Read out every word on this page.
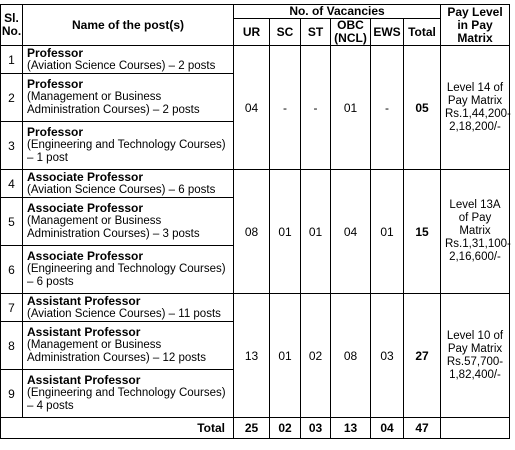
Sl. No.	Name of the post(s)	No. of Vacancies						Pay Level in Pay Matrix
		UR	SC	ST	OBC (NCL)	EWS	Total	
1	Professor
(Aviation Science Courses) – 2 posts	04	-	-	01	-	05	Level 14 of Pay Matrix Rs.1,44,200-2,18,200/-
2	Professor
(Management or Business Administration Courses) – 2 posts							

3	Professor
(Engineering and Technology Courses) – 1 post							

4	Associate Professor
(Aviation Science Courses) – 6 posts	08	01	01	04	01	15	Level 13A of Pay Matrix Rs.1,31,100-2,16,600/-
5	Associate Professor
(Management or Business Administration Courses) – 3 posts							

6	Associate Professor
(Engineering and Technology Courses) – 6 posts							

7	Assistant Professor
(Aviation Science Courses) – 11 posts	13	01	02	08	03	27	Level 10 of Pay Matrix Rs.57,700-1,82,400/-
8	Assistant Professor
(Management or Business Administration Courses) – 12 posts							

9	Assistant Professor
(Engineering and Technology Courses) – 4 posts							

Total		25	02	03	13	04	47	
